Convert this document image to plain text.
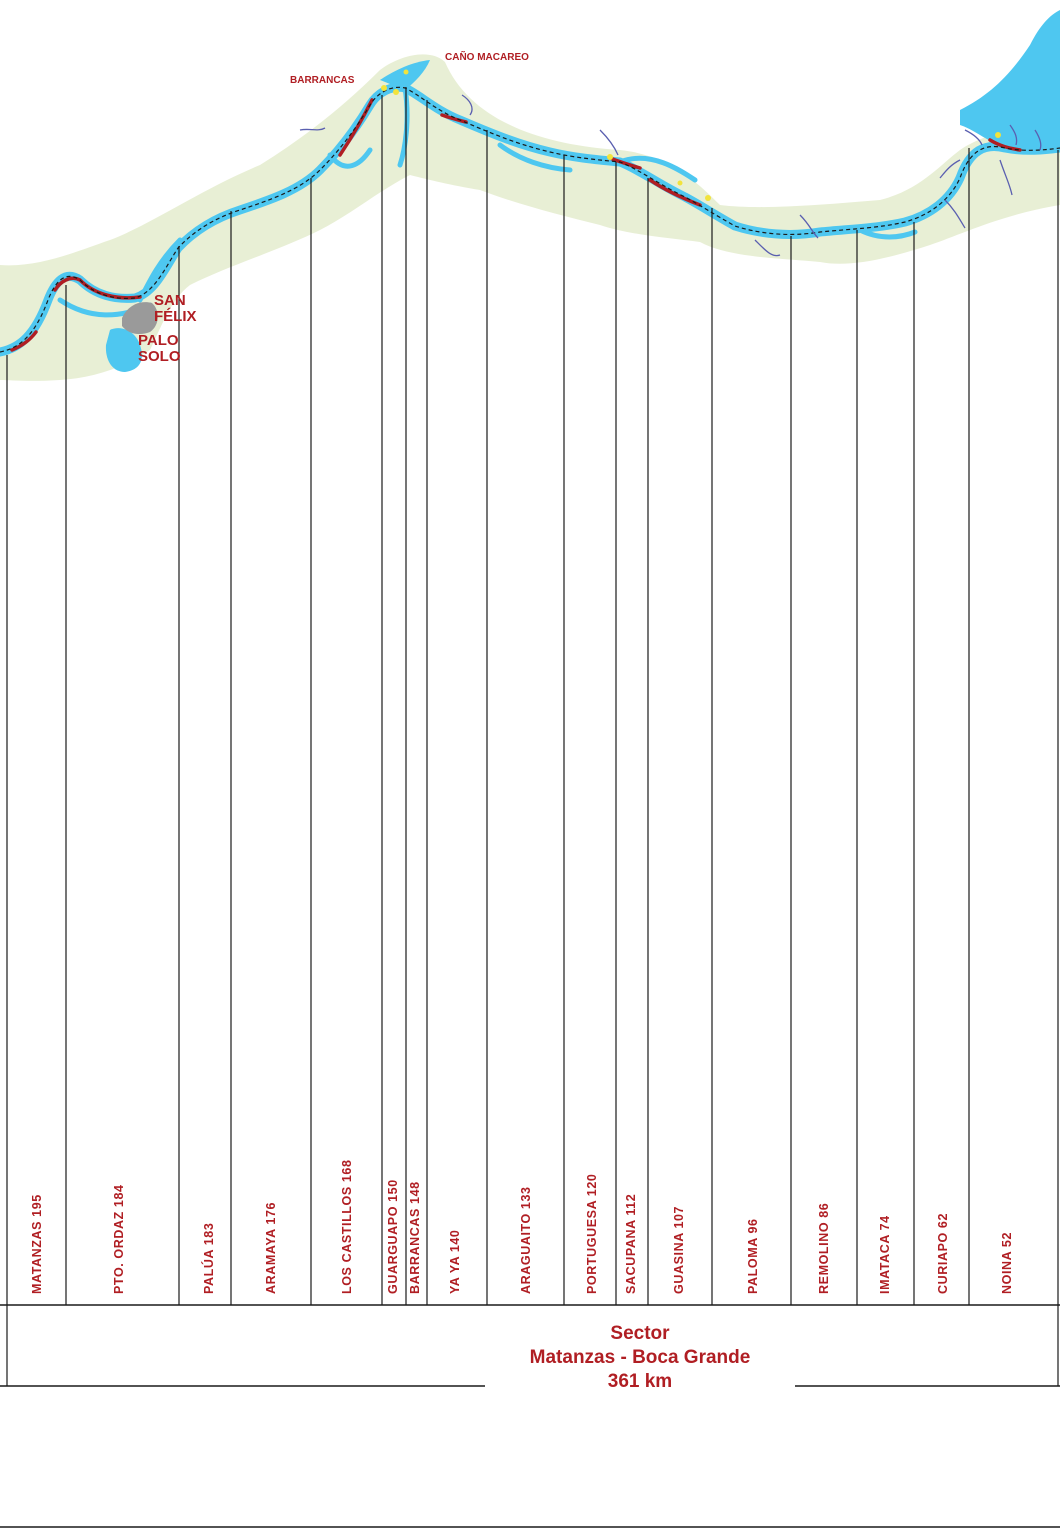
SAN
FÉLIX
PALO
SOLO
BARRANCAS
CAÑO MACAREO
MATANZAS 195	PTO. ORDAZ 184	PALÚA 183	ARAMAYA 176	LOS CASTILLOS 168	GUARGUAPO 150 BARRANCAS 148 YA YA 140	ARAGUAITO 133	PORTUGUESA 120 SACUPANA 112	GUASINA 107	PALOMA 96	REMOLINO 86	IMATACA 74	CURIAPO 62	NOINA 52
Sector
Matanzas - Boca Grande
361 km
